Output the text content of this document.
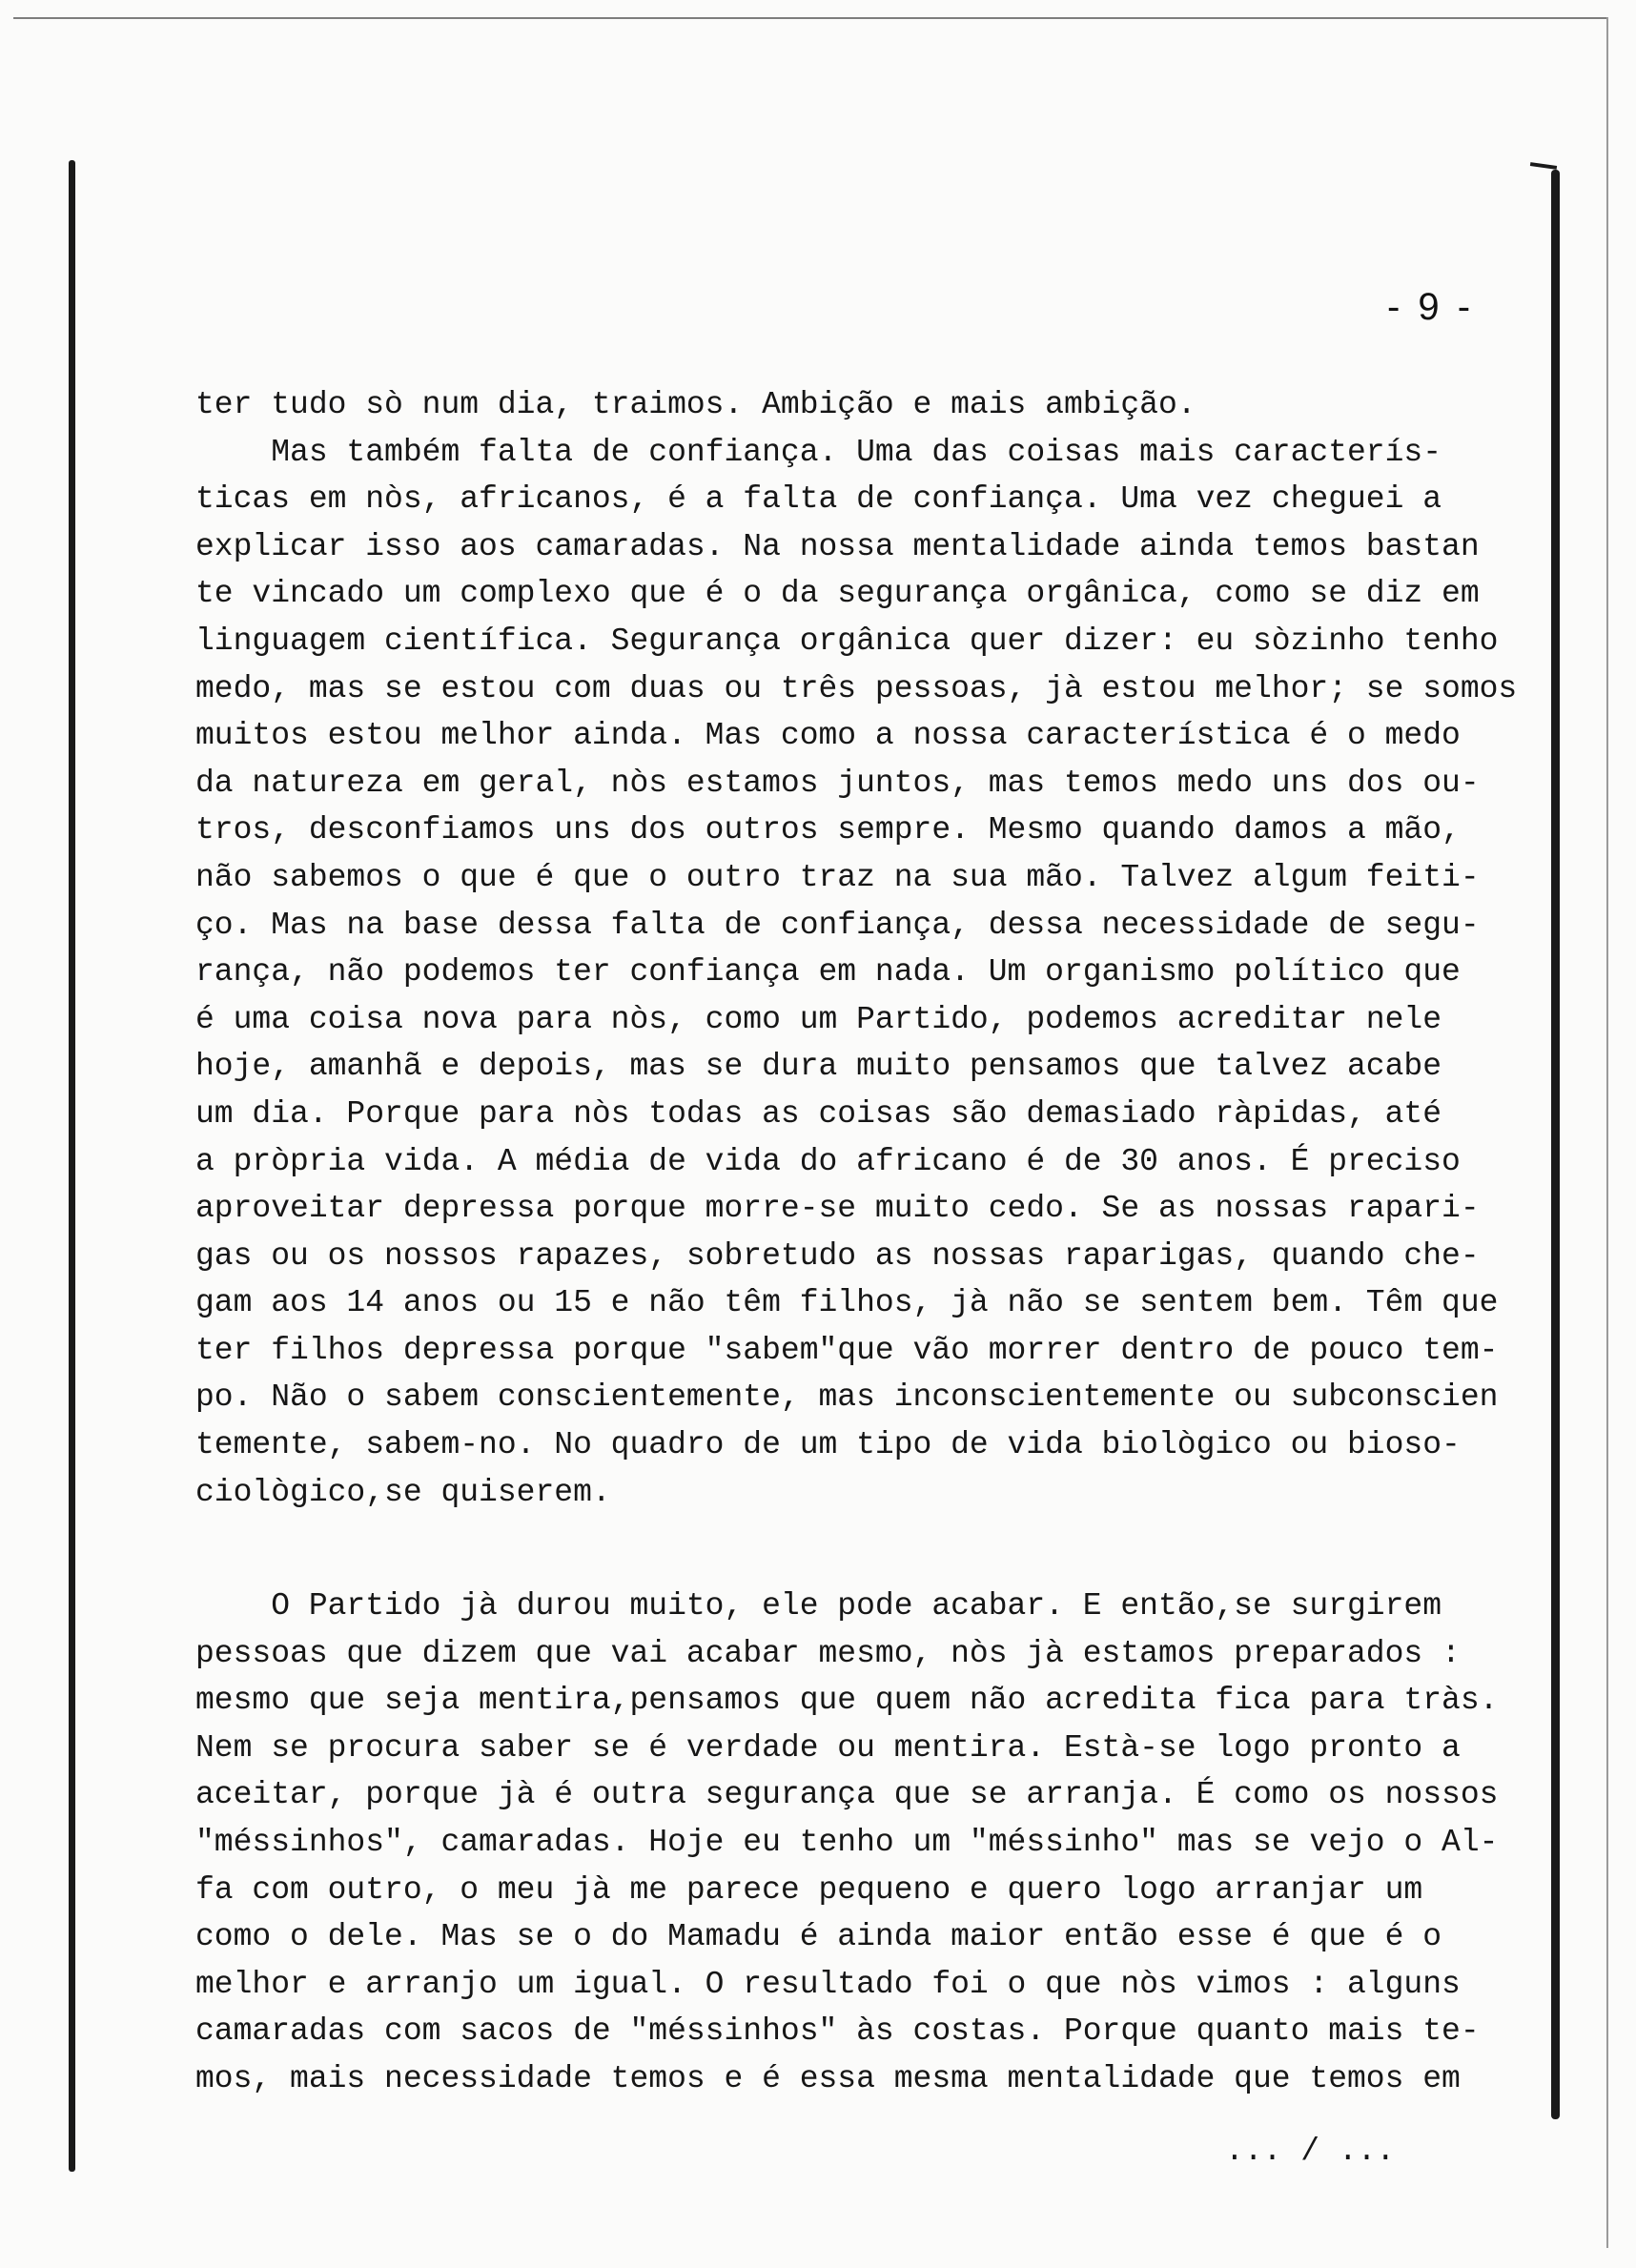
- 9 -
ter tudo sò num dia, traimos. Ambição e mais ambição.
Mas também falta de confiança. Uma das coisas mais caracterís-
ticas em nòs, africanos, é a falta de confiança. Uma vez cheguei a
explicar isso aos camaradas. Na nossa mentalidade ainda temos bastan
te vincado um complexo que é o da segurança orgânica, como se diz em
linguagem científica. Segurança orgânica quer dizer: eu sòzinho tenho
medo, mas se estou com duas ou três pessoas, jà estou melhor; se somos
muitos estou melhor ainda. Mas como a nossa característica é o medo
da natureza em geral, nòs estamos juntos, mas temos medo uns dos ou-
tros, desconfiamos uns dos outros sempre. Mesmo quando damos a mão,
não sabemos o que é que o outro traz na sua mão. Talvez algum feiti-
ço. Mas na base dessa falta de confiança, dessa necessidade de segu-
rança, não podemos ter confiança em nada. Um organismo político que
é uma coisa nova para nòs, como um Partido, podemos acreditar nele
hoje, amanhã e depois, mas se dura muito pensamos que talvez acabe
um dia. Porque para nòs todas as coisas são demasiado ràpidas, até
a pròpria vida. A média de vida do africano é de 30 anos. É preciso
aproveitar depressa porque morre-se muito cedo. Se as nossas rapari-
gas ou os nossos rapazes, sobretudo as nossas raparigas, quando che-
gam aos 14 anos ou 15 e não têm filhos, jà não se sentem bem. Têm que
ter filhos depressa porque "sabem"que vão morrer dentro de pouco tem-
po. Não o sabem conscientemente, mas inconscientemente ou subconscien
temente, sabem-no. No quadro de um tipo de vida biològico ou bioso-
ciològico,se quiserem.
O Partido jà durou muito, ele pode acabar. E então,se surgirem
pessoas que dizem que vai acabar mesmo, nòs jà estamos preparados :
mesmo que seja mentira,pensamos que quem não acredita fica para tràs.
Nem se procura saber se é verdade ou mentira. Està-se logo pronto a
aceitar, porque jà é outra segurança que se arranja. É como os nossos
"méssinhos", camaradas. Hoje eu tenho um "méssinho" mas se vejo o Al-
fa com outro, o meu jà me parece pequeno e quero logo arranjar um
como o dele. Mas se o do Mamadu é ainda maior então esse é que é o
melhor e arranjo um igual. O resultado foi o que nòs vimos : alguns
camaradas com sacos de "méssinhos" às costas. Porque quanto mais te-
mos, mais necessidade temos e é essa mesma mentalidade que temos em
... / ...
